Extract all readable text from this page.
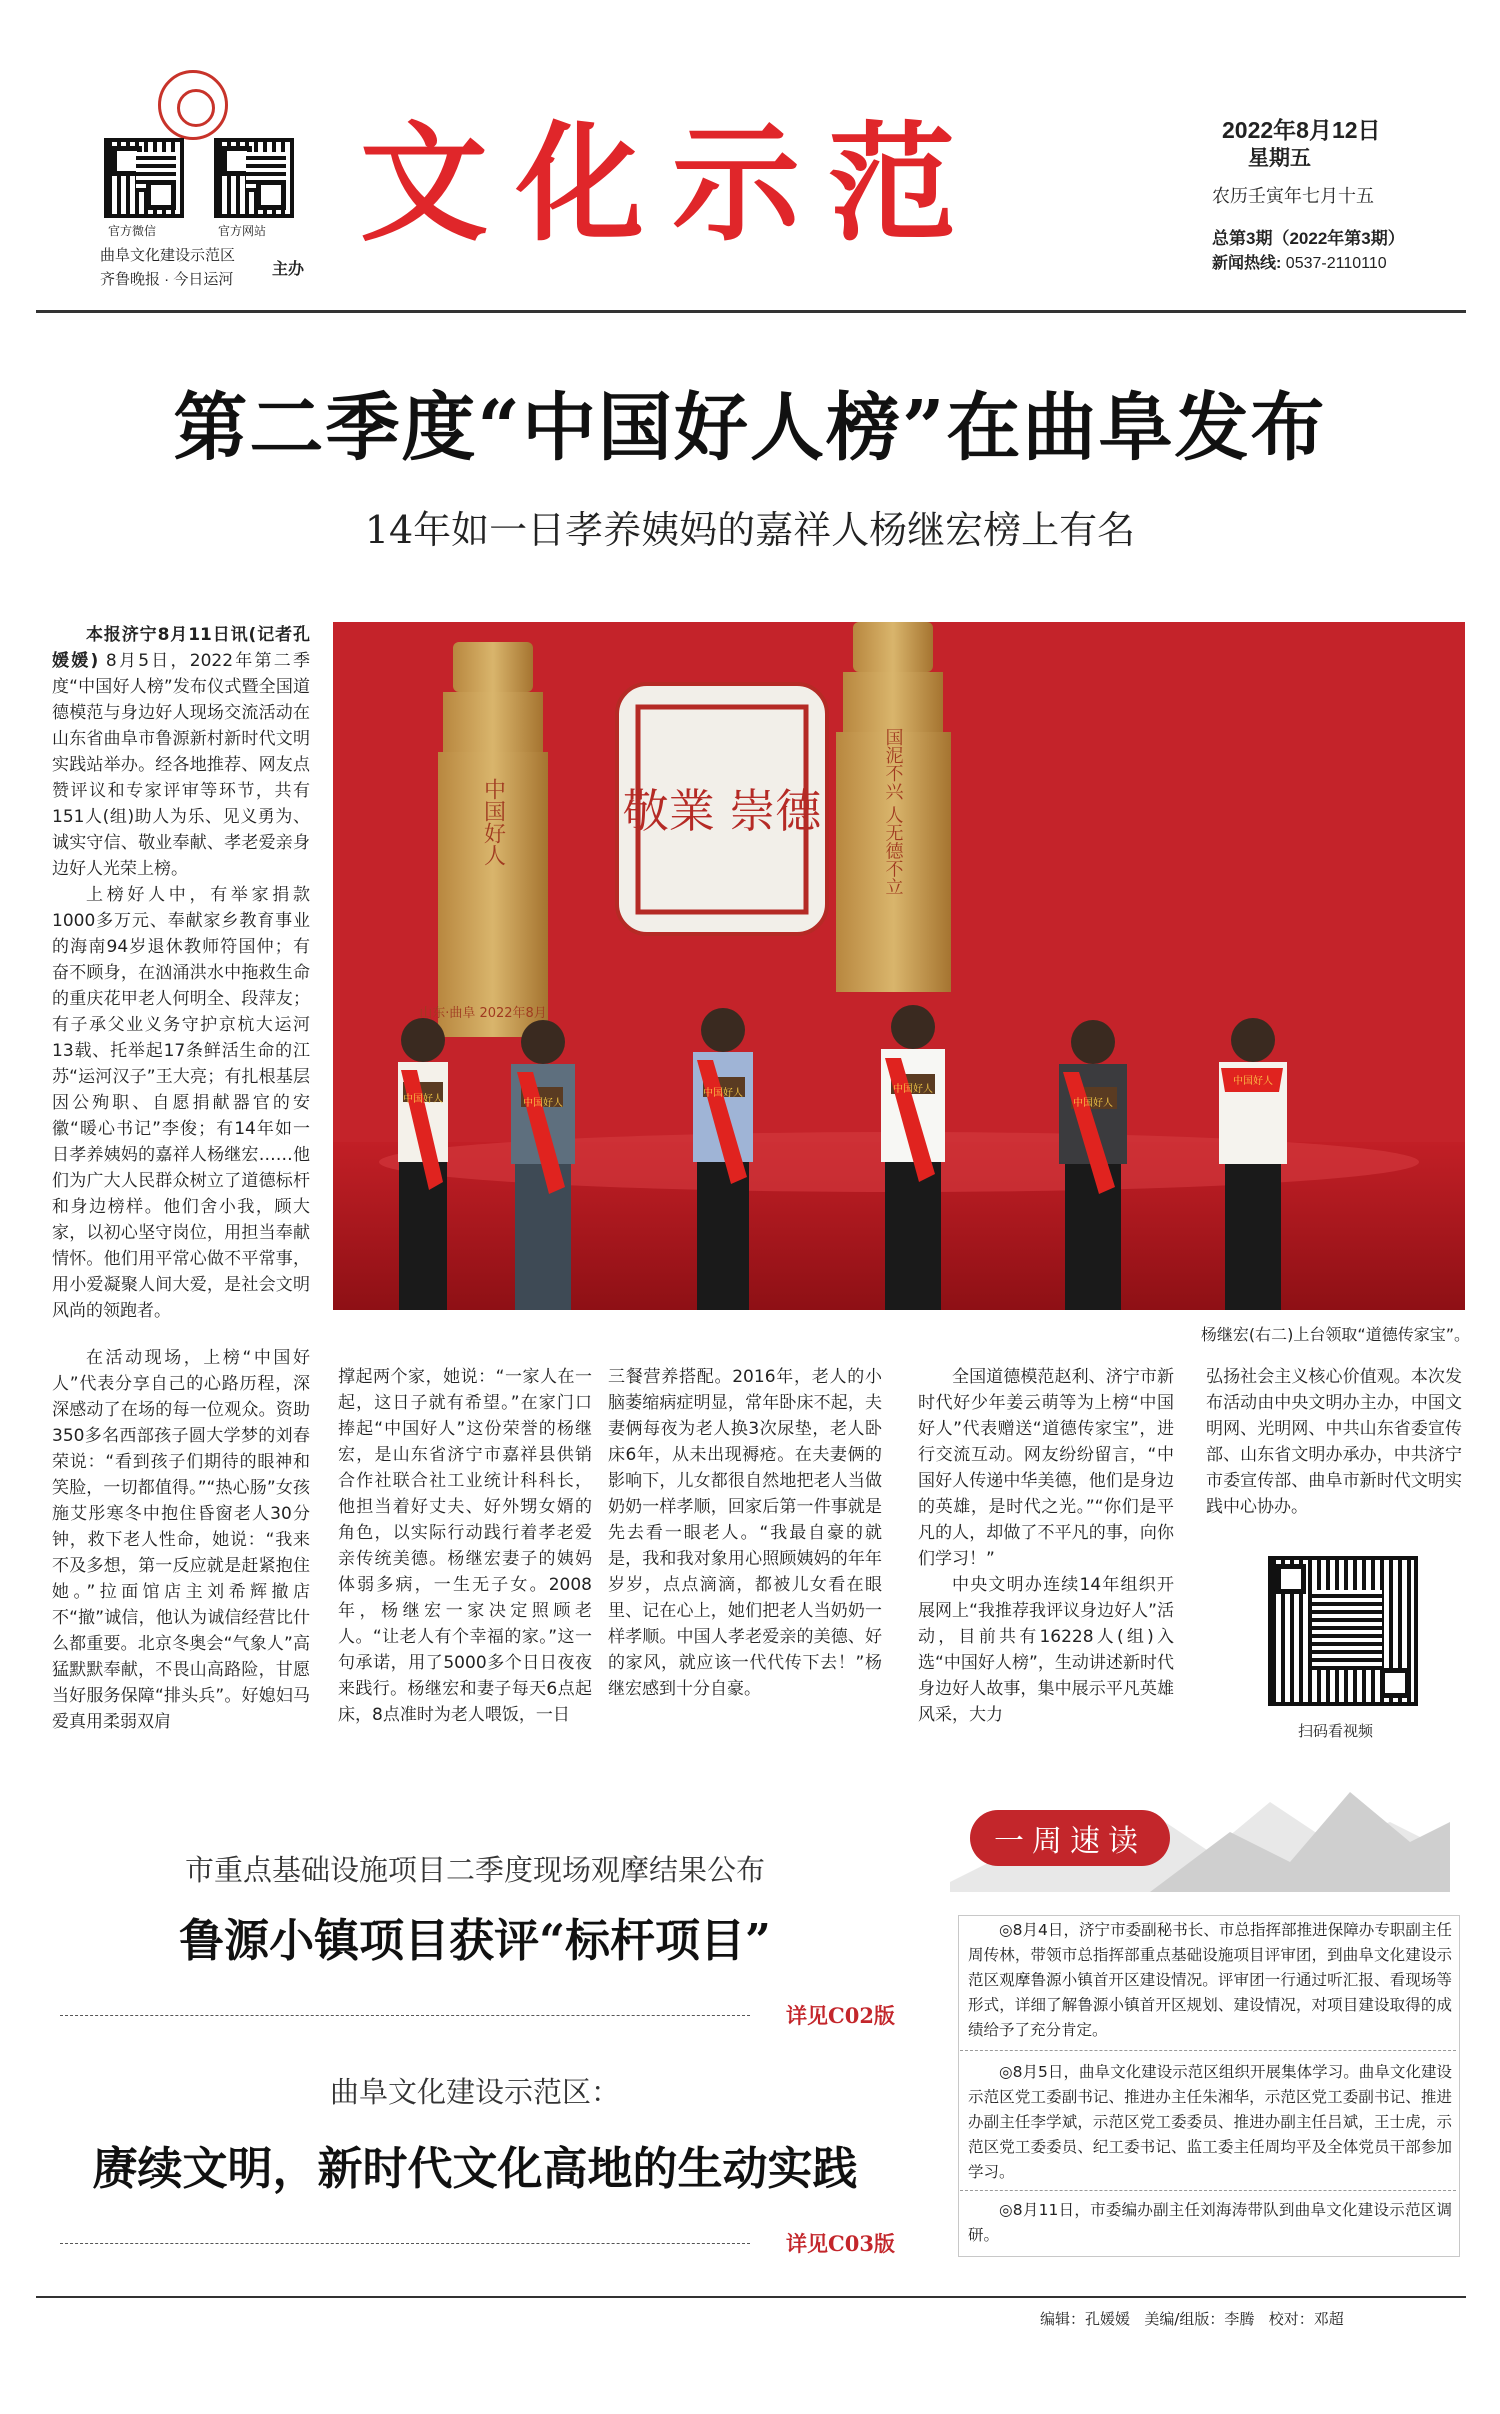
官方微信	官方网站
曲阜文化建设示范区
齐鲁晚报 · 今日运河
主办
文化示范	2022年8月12日
星期五
农历壬寅年七月十五
总第3期（2022年第3期）
新闻热线: 0537-2110110
第二季度“中国好人榜”在曲阜发布
14年如一日孝养姨妈的嘉祥人杨继宏榜上有名
本报济宁8月11日讯(记者孔媛媛) 8月5日，2022年第二季度“中国好人榜”发布仪式暨全国道德模范与身边好人现场交流活动在山东省曲阜市鲁源新村新时代文明实践站举办。经各地推荐、网友点赞评议和专家评审等环节，共有151人(组)助人为乐、见义勇为、诚实守信、敬业奉献、孝老爱亲身边好人光荣上榜。
上榜好人中，有举家捐款1000多万元、奉献家乡教育事业的海南94岁退休教师符国仲；有奋不顾身，在汹涌洪水中拖救生命的重庆花甲老人何明全、段萍友；有子承父业义务守护京杭大运河13载、托举起17条鲜活生命的江苏“运河汉子”王大亮；有扎根基层因公殉职、自愿捐献器官的安徽“暖心书记”李俊；有14年如一日孝养姨妈的嘉祥人杨继宏……他们为广大人民群众树立了道德标杆和身边榜样。他们舍小我，顾大家，以初心坚守岗位，用担当奉献情怀。他们用平常心做不平常事，用小爱凝聚人间大爱，是社会文明风尚的领跑者。
在活动现场，上榜“中国好人”代表分享自己的心路历程，深深感动了在场的每一位观众。资助350多名西部孩子圆大学梦的刘春荣说：“看到孩子们期待的眼神和笑脸，一切都值得。”“热心肠”女孩施艾彤寒冬中抱住昏窗老人30分钟，救下老人性命，她说：“我来不及多想，第一反应就是赶紧抱住她。”拉面馆店主刘希辉撤店不“撤”诚信，他认为诚信经营比什么都重要。北京冬奥会“气象人”高猛默默奉献，不畏山高路险，甘愿当好服务保障“排头兵”。好媳妇马爱真用柔弱双肩
中国好人
山东·曲阜 2022年8月
国泥不兴 人无德不立
敬業 崇德
中国好人	中国好人
中国好人	中国好人
中国好人
中国好人
杨继宏(右二)上台领取“道德传家宝”。
撑起两个家，她说：“一家人在一起，这日子就有希望。”在家门口捧起“中国好人”这份荣誉的杨继宏，是山东省济宁市嘉祥县供销合作社联合社工业统计科科长，他担当着好丈夫、好外甥女婿的角色，以实际行动践行着孝老爱亲传统美德。杨继宏妻子的姨妈体弱多病，一生无子女。2008年，杨继宏一家决定照顾老人。“让老人有个幸福的家。”这一句承诺，用了5000多个日日夜夜来践行。杨继宏和妻子每天6点起床，8点准时为老人喂饭，一日
三餐营养搭配。2016年，老人的小脑萎缩病症明显，常年卧床不起，夫妻俩每夜为老人换3次尿垫，老人卧床6年，从未出现褥疮。在夫妻俩的影响下，儿女都很自然地把老人当做奶奶一样孝顺，回家后第一件事就是先去看一眼老人。“我最自豪的就是，我和我对象用心照顾姨妈的年年岁岁，点点滴滴，都被儿女看在眼里、记在心上，她们把老人当奶奶一样孝顺。中国人孝老爱亲的美德、好的家风，就应该一代代传下去！”杨继宏感到十分自豪。
全国道德模范赵利、济宁市新时代好少年姜云萌等为上榜“中国好人”代表赠送“道德传家宝”，进行交流互动。网友纷纷留言，“中国好人传递中华美德，他们是身边的英雄，是时代之光。”“你们是平凡的人，却做了不平凡的事，向你们学习！”
中央文明办连续14年组织开展网上“我推荐我评议身边好人”活动，目前共有16228人(组)入选“中国好人榜”，生动讲述新时代身边好人故事，集中展示平凡英雄风采，大力
弘扬社会主义核心价值观。本次发布活动由中央文明办主办，中国文明网、光明网、中共山东省委宣传部、山东省文明办承办，中共济宁市委宣传部、曲阜市新时代文明实践中心协办。
扫码看视频
市重点基础设施项目二季度现场观摩结果公布
鲁源小镇项目获评“标杆项目”
详见C02版
曲阜文化建设示范区：
赓续文明，新时代文化高地的生动实践
详见C03版
一周速读
◎8月4日，济宁市委副秘书长、市总指挥部推进保障办专职副主任周传林，带领市总指挥部重点基础设施项目评审团，到曲阜文化建设示范区观摩鲁源小镇首开区建设情况。评审团一行通过听汇报、看现场等形式，详细了解鲁源小镇首开区规划、建设情况，对项目建设取得的成绩给予了充分肯定。
◎8月5日，曲阜文化建设示范区组织开展集体学习。曲阜文化建设示范区党工委副书记、推进办主任朱湘华，示范区党工委副书记、推进办副主任李学斌，示范区党工委委员、推进办副主任吕斌，王士虎，示范区党工委委员、纪工委书记、监工委主任周均平及全体党员干部参加学习。
◎8月11日，市委编办副主任刘海涛带队到曲阜文化建设示范区调研。
编辑：孔媛媛 美编/组版：李腾 校对：邓超
